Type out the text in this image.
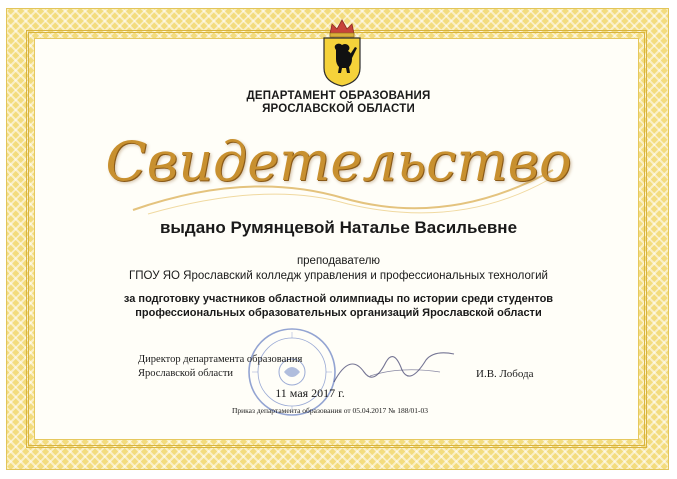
ДЕПАРТАМЕНТ ОБРАЗОВАНИЯ
ЯРОСЛАВСКОЙ ОБЛАСТИ
Свидетельство
выдано Румянцевой Наталье Васильевне
преподавателю
ГПОУ ЯО Ярославский колледж управления и профессиональных технологий
за подготовку участников областной олимпиады по истории среди студентов
профессиональных образовательных организаций Ярославской области
Директор департамента образования
Ярославской области	И.В. Лобода
11 мая 2017 г.
Приказ департамента образования от 05.04.2017 № 188/01-03
